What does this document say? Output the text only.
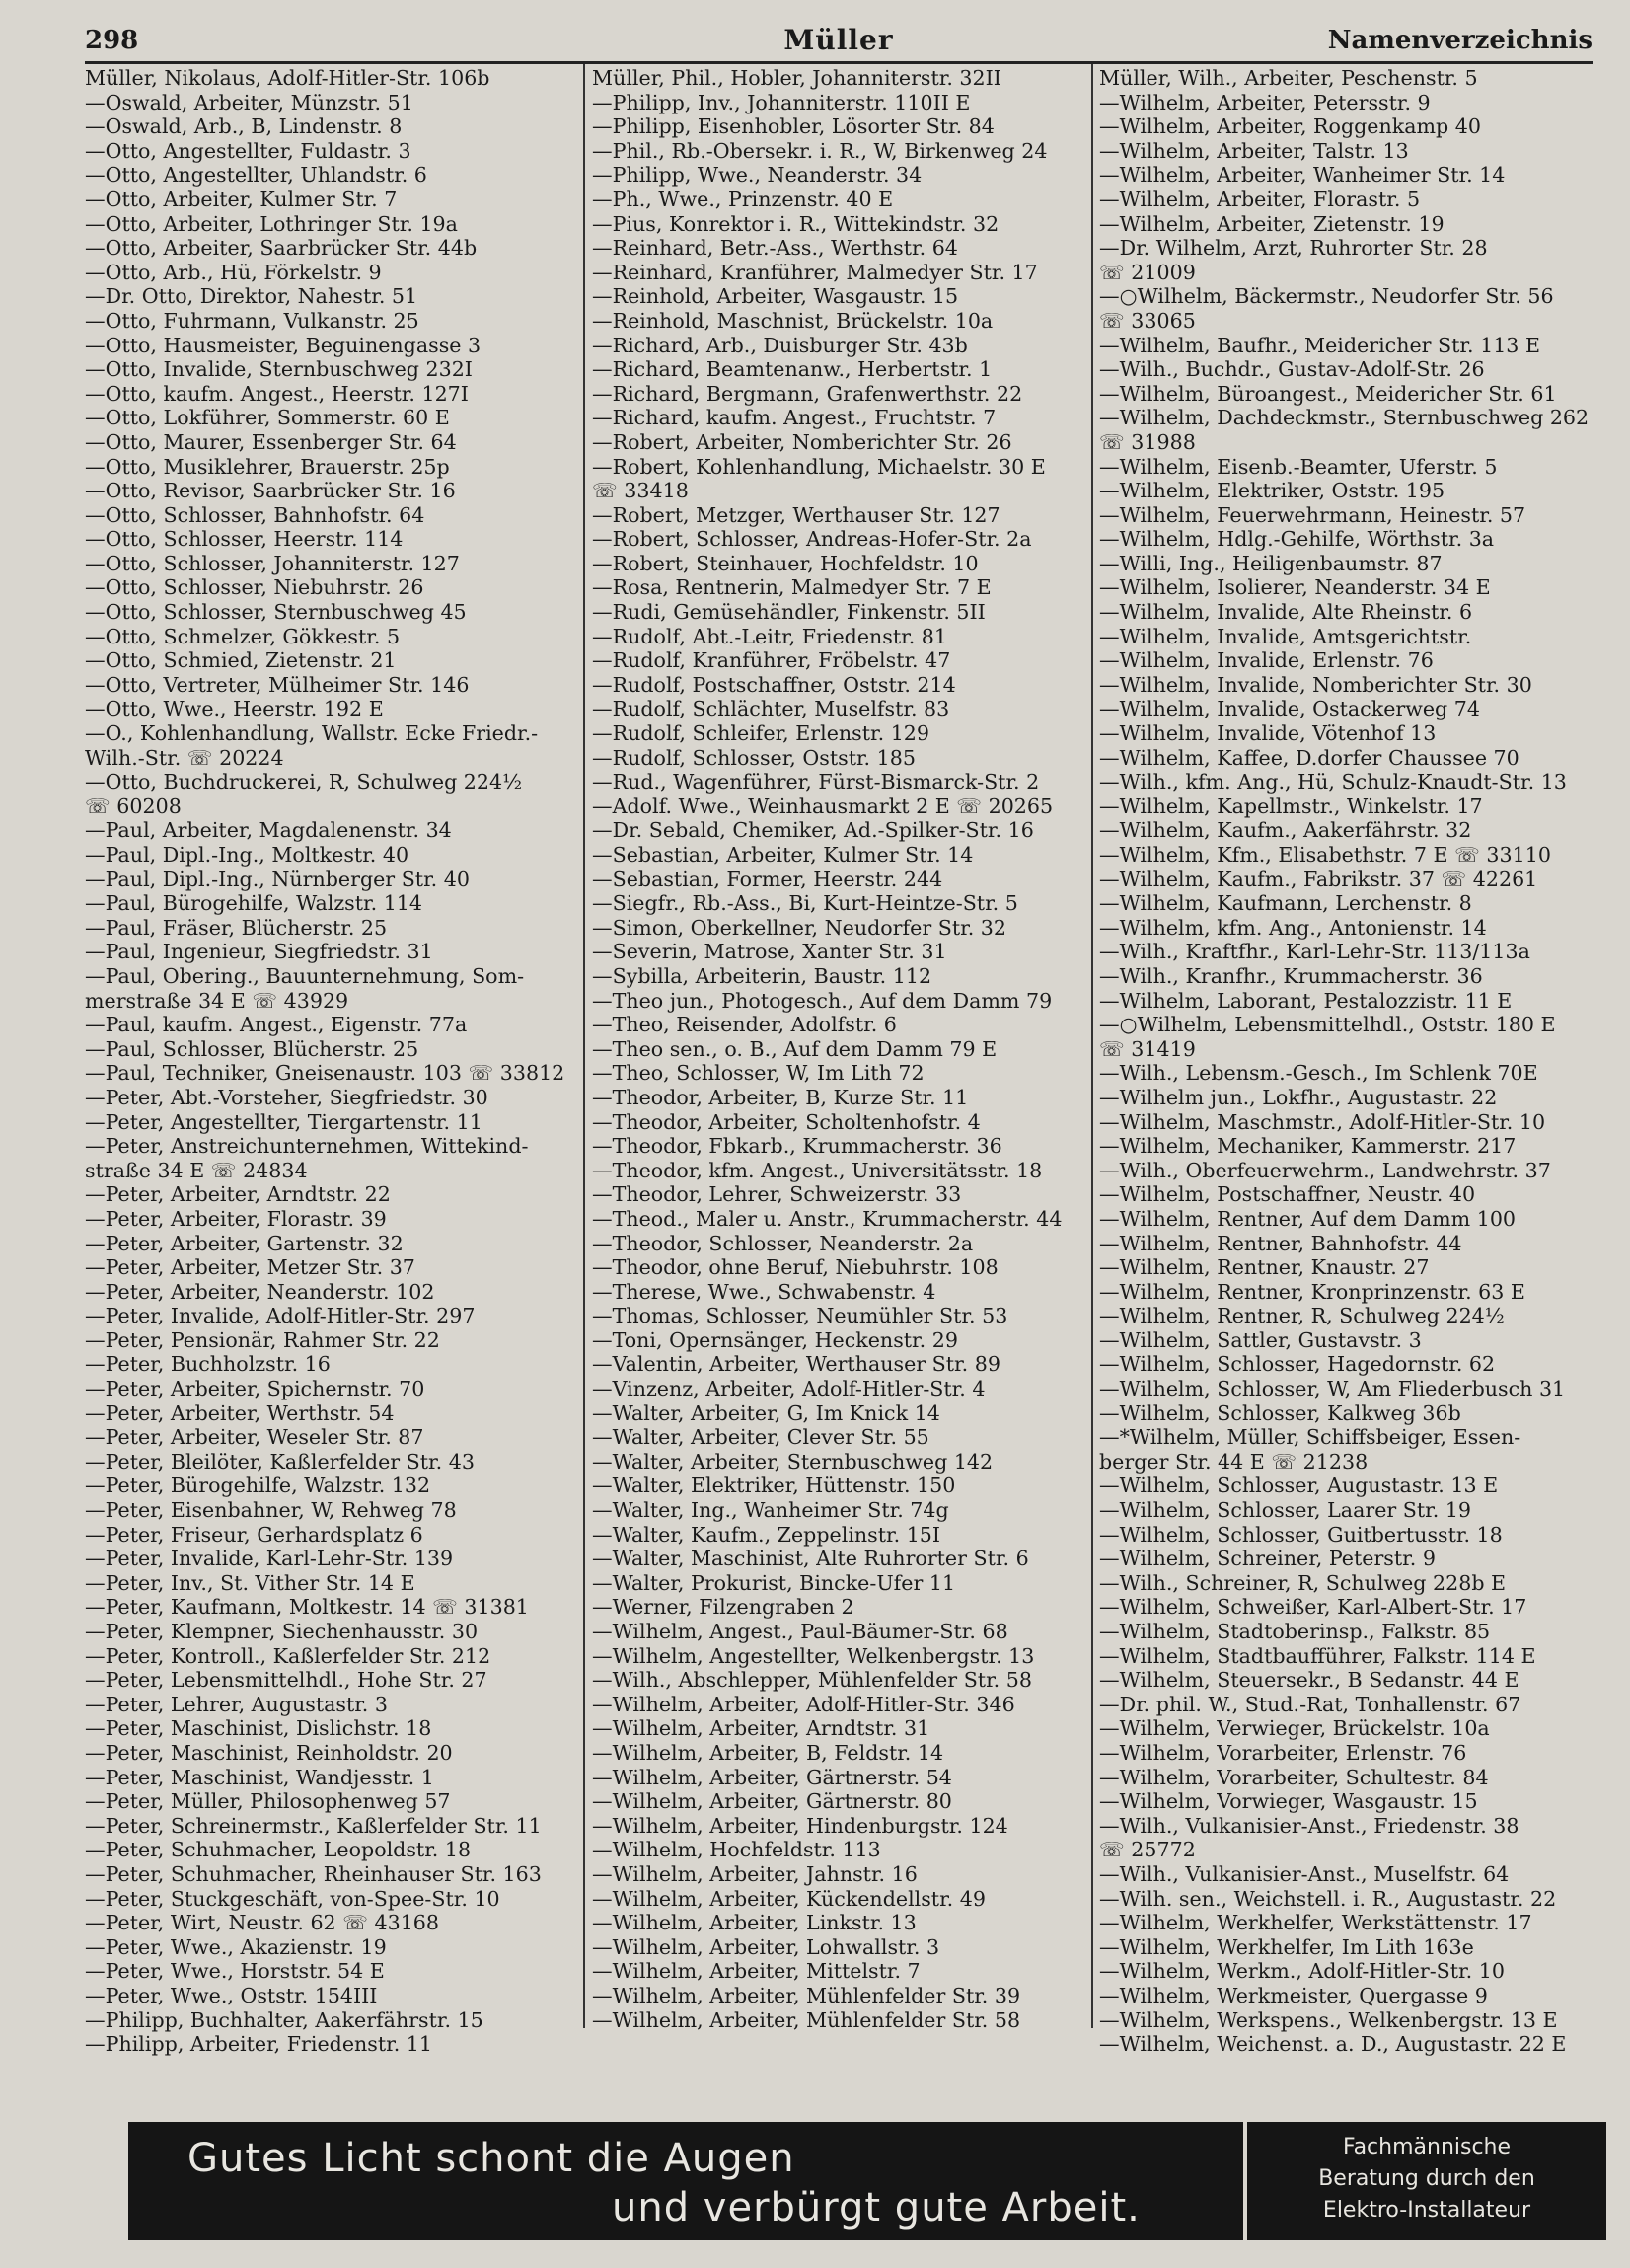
298	Müller	Namenverzeichnis
Müller, Nikolaus, Adolf-Hitler-Str. 106b
—Oswald, Arbeiter, Münzstr. 51
—Oswald, Arb., B, Lindenstr. 8
—Otto, Angestellter, Fuldastr. 3
—Otto, Angestellter, Uhlandstr. 6
—Otto, Arbeiter, Kulmer Str. 7
—Otto, Arbeiter, Lothringer Str. 19a
—Otto, Arbeiter, Saarbrücker Str. 44b
—Otto, Arb., Hü, Förkelstr. 9
—Dr. Otto, Direktor, Nahestr. 51
—Otto, Fuhrmann, Vulkanstr. 25
—Otto, Hausmeister, Beguinengasse 3
—Otto, Invalide, Sternbuschweg 232I
—Otto, kaufm. Angest., Heerstr. 127I
—Otto, Lokführer, Sommerstr. 60 E
—Otto, Maurer, Essenberger Str. 64
—Otto, Musiklehrer, Brauerstr. 25p
—Otto, Revisor, Saarbrücker Str. 16
—Otto, Schlosser, Bahnhofstr. 64
—Otto, Schlosser, Heerstr. 114
—Otto, Schlosser, Johanniterstr. 127
—Otto, Schlosser, Niebuhrstr. 26
—Otto, Schlosser, Sternbuschweg 45
—Otto, Schmelzer, Gökkestr. 5
—Otto, Schmied, Zietenstr. 21
—Otto, Vertreter, Mülheimer Str. 146
—Otto, Wwe., Heerstr. 192 E
—O., Kohlenhandlung, Wallstr. Ecke Friedr.-
Wilh.-Str. ☏ 20224
—Otto, Buchdruckerei, R, Schulweg 224½
☏ 60208
—Paul, Arbeiter, Magdalenenstr. 34
—Paul, Dipl.-Ing., Moltkestr. 40
—Paul, Dipl.-Ing., Nürnberger Str. 40
—Paul, Bürogehilfe, Walzstr. 114
—Paul, Fräser, Blücherstr. 25
—Paul, Ingenieur, Siegfriedstr. 31
—Paul, Obering., Bauunternehmung, Som-
merstraße 34 E ☏ 43929
—Paul, kaufm. Angest., Eigenstr. 77a
—Paul, Schlosser, Blücherstr. 25
—Paul, Techniker, Gneisenaustr. 103 ☏ 33812
—Peter, Abt.-Vorsteher, Siegfriedstr. 30
—Peter, Angestellter, Tiergartenstr. 11
—Peter, Anstreichunternehmen, Wittekind-
straße 34 E ☏ 24834
—Peter, Arbeiter, Arndtstr. 22
—Peter, Arbeiter, Florastr. 39
—Peter, Arbeiter, Gartenstr. 32
—Peter, Arbeiter, Metzer Str. 37
—Peter, Arbeiter, Neanderstr. 102
—Peter, Invalide, Adolf-Hitler-Str. 297
—Peter, Pensionär, Rahmer Str. 22
—Peter, Buchholzstr. 16
—Peter, Arbeiter, Spichernstr. 70
—Peter, Arbeiter, Werthstr. 54
—Peter, Arbeiter, Weseler Str. 87
—Peter, Bleilöter, Kaßlerfelder Str. 43
—Peter, Bürogehilfe, Walzstr. 132
—Peter, Eisenbahner, W, Rehweg 78
—Peter, Friseur, Gerhardsplatz 6
—Peter, Invalide, Karl-Lehr-Str. 139
—Peter, Inv., St. Vither Str. 14 E
—Peter, Kaufmann, Moltkestr. 14 ☏ 31381
—Peter, Klempner, Siechenhausstr. 30
—Peter, Kontroll., Kaßlerfelder Str. 212
—Peter, Lebensmittelhdl., Hohe Str. 27
—Peter, Lehrer, Augustastr. 3
—Peter, Maschinist, Dislichstr. 18
—Peter, Maschinist, Reinholdstr. 20
—Peter, Maschinist, Wandjesstr. 1
—Peter, Müller, Philosophenweg 57
—Peter, Schreinermstr., Kaßlerfelder Str. 11
—Peter, Schuhmacher, Leopoldstr. 18
—Peter, Schuhmacher, Rheinhauser Str. 163
—Peter, Stuckgeschäft, von-Spee-Str. 10
—Peter, Wirt, Neustr. 62 ☏ 43168
—Peter, Wwe., Akazienstr. 19
—Peter, Wwe., Horststr. 54 E
—Peter, Wwe., Oststr. 154III
—Philipp, Buchhalter, Aakerfährstr. 15
—Philipp, Arbeiter, Friedenstr. 11
Müller, Phil., Hobler, Johanniterstr. 32II
—Philipp, Inv., Johanniterstr. 110II E
—Philipp, Eisenhobler, Lösorter Str. 84
—Phil., Rb.-Obersekr. i. R., W, Birkenweg 24
—Philipp, Wwe., Neanderstr. 34
—Ph., Wwe., Prinzenstr. 40 E
—Pius, Konrektor i. R., Wittekindstr. 32
—Reinhard, Betr.-Ass., Werthstr. 64
—Reinhard, Kranführer, Malmedyer Str. 17
—Reinhold, Arbeiter, Wasgaustr. 15
—Reinhold, Maschnist, Brückelstr. 10a
—Richard, Arb., Duisburger Str. 43b
—Richard, Beamtenanw., Herbertstr. 1
—Richard, Bergmann, Grafenwerthstr. 22
—Richard, kaufm. Angest., Fruchtstr. 7
—Robert, Arbeiter, Nomberichter Str. 26
—Robert, Kohlenhandlung, Michaelstr. 30 E
☏ 33418
—Robert, Metzger, Werthauser Str. 127
—Robert, Schlosser, Andreas-Hofer-Str. 2a
—Robert, Steinhauer, Hochfeldstr. 10
—Rosa, Rentnerin, Malmedyer Str. 7 E
—Rudi, Gemüsehändler, Finkenstr. 5II
—Rudolf, Abt.-Leitr, Friedenstr. 81
—Rudolf, Kranführer, Fröbelstr. 47
—Rudolf, Postschaffner, Oststr. 214
—Rudolf, Schlächter, Muselfstr. 83
—Rudolf, Schleifer, Erlenstr. 129
—Rudolf, Schlosser, Oststr. 185
—Rud., Wagenführer, Fürst-Bismarck-Str. 2
—Adolf. Wwe., Weinhausmarkt 2 E ☏ 20265
—Dr. Sebald, Chemiker, Ad.-Spilker-Str. 16
—Sebastian, Arbeiter, Kulmer Str. 14
—Sebastian, Former, Heerstr. 244
—Siegfr., Rb.-Ass., Bi, Kurt-Heintze-Str. 5
—Simon, Oberkellner, Neudorfer Str. 32
—Severin, Matrose, Xanter Str. 31
—Sybilla, Arbeiterin, Baustr. 112
—Theo jun., Photogesch., Auf dem Damm 79
—Theo, Reisender, Adolfstr. 6
—Theo sen., o. B., Auf dem Damm 79 E
—Theo, Schlosser, W, Im Lith 72
—Theodor, Arbeiter, B, Kurze Str. 11
—Theodor, Arbeiter, Scholtenhofstr. 4
—Theodor, Fbkarb., Krummacherstr. 36
—Theodor, kfm. Angest., Universitätsstr. 18
—Theodor, Lehrer, Schweizerstr. 33
—Theod., Maler u. Anstr., Krummacherstr. 44
—Theodor, Schlosser, Neanderstr. 2a
—Theodor, ohne Beruf, Niebuhrstr. 108
—Therese, Wwe., Schwabenstr. 4
—Thomas, Schlosser, Neumühler Str. 53
—Toni, Opernsänger, Heckenstr. 29
—Valentin, Arbeiter, Werthauser Str. 89
—Vinzenz, Arbeiter, Adolf-Hitler-Str. 4
—Walter, Arbeiter, G, Im Knick 14
—Walter, Arbeiter, Clever Str. 55
—Walter, Arbeiter, Sternbuschweg 142
—Walter, Elektriker, Hüttenstr. 150
—Walter, Ing., Wanheimer Str. 74g
—Walter, Kaufm., Zeppelinstr. 15I
—Walter, Maschinist, Alte Ruhrorter Str. 6
—Walter, Prokurist, Bincke-Ufer 11
—Werner, Filzengraben 2
—Wilhelm, Angest., Paul-Bäumer-Str. 68
—Wilhelm, Angestellter, Welkenbergstr. 13
—Wilh., Abschlepper, Mühlenfelder Str. 58
—Wilhelm, Arbeiter, Adolf-Hitler-Str. 346
—Wilhelm, Arbeiter, Arndtstr. 31
—Wilhelm, Arbeiter, B, Feldstr. 14
—Wilhelm, Arbeiter, Gärtnerstr. 54
—Wilhelm, Arbeiter, Gärtnerstr. 80
—Wilhelm, Arbeiter, Hindenburgstr. 124
—Wilhelm, Hochfeldstr. 113
—Wilhelm, Arbeiter, Jahnstr. 16
—Wilhelm, Arbeiter, Kückendellstr. 49
—Wilhelm, Arbeiter, Linkstr. 13
—Wilhelm, Arbeiter, Lohwallstr. 3
—Wilhelm, Arbeiter, Mittelstr. 7
—Wilhelm, Arbeiter, Mühlenfelder Str. 39
—Wilhelm, Arbeiter, Mühlenfelder Str. 58
Müller, Wilh., Arbeiter, Peschenstr. 5
—Wilhelm, Arbeiter, Petersstr. 9
—Wilhelm, Arbeiter, Roggenkamp 40
—Wilhelm, Arbeiter, Talstr. 13
—Wilhelm, Arbeiter, Wanheimer Str. 14
—Wilhelm, Arbeiter, Florastr. 5
—Wilhelm, Arbeiter, Zietenstr. 19
—Dr. Wilhelm, Arzt, Ruhrorter Str. 28
☏ 21009
—○Wilhelm, Bäckermstr., Neudorfer Str. 56
☏ 33065
—Wilhelm, Baufhr., Meidericher Str. 113 E
—Wilh., Buchdr., Gustav-Adolf-Str. 26
—Wilhelm, Büroangest., Meidericher Str. 61
—Wilhelm, Dachdeckmstr., Sternbuschweg 262
☏ 31988
—Wilhelm, Eisenb.-Beamter, Uferstr. 5
—Wilhelm, Elektriker, Oststr. 195
—Wilhelm, Feuerwehrmann, Heinestr. 57
—Wilhelm, Hdlg.-Gehilfe, Wörthstr. 3a
—Willi, Ing., Heiligenbaumstr. 87
—Wilhelm, Isolierer, Neanderstr. 34 E
—Wilhelm, Invalide, Alte Rheinstr. 6
—Wilhelm, Invalide, Amtsgerichtstr.
—Wilhelm, Invalide, Erlenstr. 76
—Wilhelm, Invalide, Nomberichter Str. 30
—Wilhelm, Invalide, Ostackerweg 74
—Wilhelm, Invalide, Vötenhof 13
—Wilhelm, Kaffee, D.dorfer Chaussee 70
—Wilh., kfm. Ang., Hü, Schulz-Knaudt-Str. 13
—Wilhelm, Kapellmstr., Winkelstr. 17
—Wilhelm, Kaufm., Aakerfährstr. 32
—Wilhelm, Kfm., Elisabethstr. 7 E ☏ 33110
—Wilhelm, Kaufm., Fabrikstr. 37 ☏ 42261
—Wilhelm, Kaufmann, Lerchenstr. 8
—Wilhelm, kfm. Ang., Antonienstr. 14
—Wilh., Kraftfhr., Karl-Lehr-Str. 113/113a
—Wilh., Kranfhr., Krummacherstr. 36
—Wilhelm, Laborant, Pestalozzistr. 11 E
—○Wilhelm, Lebensmittelhdl., Oststr. 180 E
☏ 31419
—Wilh., Lebensm.-Gesch., Im Schlenk 70E
—Wilhelm jun., Lokfhr., Augustastr. 22
—Wilhelm, Maschmstr., Adolf-Hitler-Str. 10
—Wilhelm, Mechaniker, Kammerstr. 217
—Wilh., Oberfeuerwehrm., Landwehrstr. 37
—Wilhelm, Postschaffner, Neustr. 40
—Wilhelm, Rentner, Auf dem Damm 100
—Wilhelm, Rentner, Bahnhofstr. 44
—Wilhelm, Rentner, Knaustr. 27
—Wilhelm, Rentner, Kronprinzenstr. 63 E
—Wilhelm, Rentner, R, Schulweg 224½
—Wilhelm, Sattler, Gustavstr. 3
—Wilhelm, Schlosser, Hagedornstr. 62
—Wilhelm, Schlosser, W, Am Fliederbusch 31
—Wilhelm, Schlosser, Kalkweg 36b
—*Wilhelm, Müller, Schiffsbeiger, Essen-
berger Str. 44 E ☏ 21238
—Wilhelm, Schlosser, Augustastr. 13 E
—Wilhelm, Schlosser, Laarer Str. 19
—Wilhelm, Schlosser, Guitbertusstr. 18
—Wilhelm, Schreiner, Peterstr. 9
—Wilh., Schreiner, R, Schulweg 228b E
—Wilhelm, Schweißer, Karl-Albert-Str. 17
—Wilhelm, Stadtoberinsp., Falkstr. 85
—Wilhelm, Stadtbaufführer, Falkstr. 114 E
—Wilhelm, Steuersekr., B Sedanstr. 44 E
—Dr. phil. W., Stud.-Rat, Tonhallenstr. 67
—Wilhelm, Verwieger, Brückelstr. 10a
—Wilhelm, Vorarbeiter, Erlenstr. 76
—Wilhelm, Vorarbeiter, Schultestr. 84
—Wilhelm, Vorwieger, Wasgaustr. 15
—Wilh., Vulkanisier-Anst., Friedenstr. 38
☏ 25772
—Wilh., Vulkanisier-Anst., Muselfstr. 64
—Wilh. sen., Weichstell. i. R., Augustastr. 22
—Wilhelm, Werkhelfer, Werkstättenstr. 17
—Wilhelm, Werkhelfer, Im Lith 163e
—Wilhelm, Werkm., Adolf-Hitler-Str. 10
—Wilhelm, Werkmeister, Quergasse 9
—Wilhelm, Werkspens., Welkenbergstr. 13 E
—Wilhelm, Weichenst. a. D., Augustastr. 22 E
Gutes Licht schont die Augen
und verbürgt gute Arbeit.
Fachmännische
Beratung durch den
Elektro-Installateur
